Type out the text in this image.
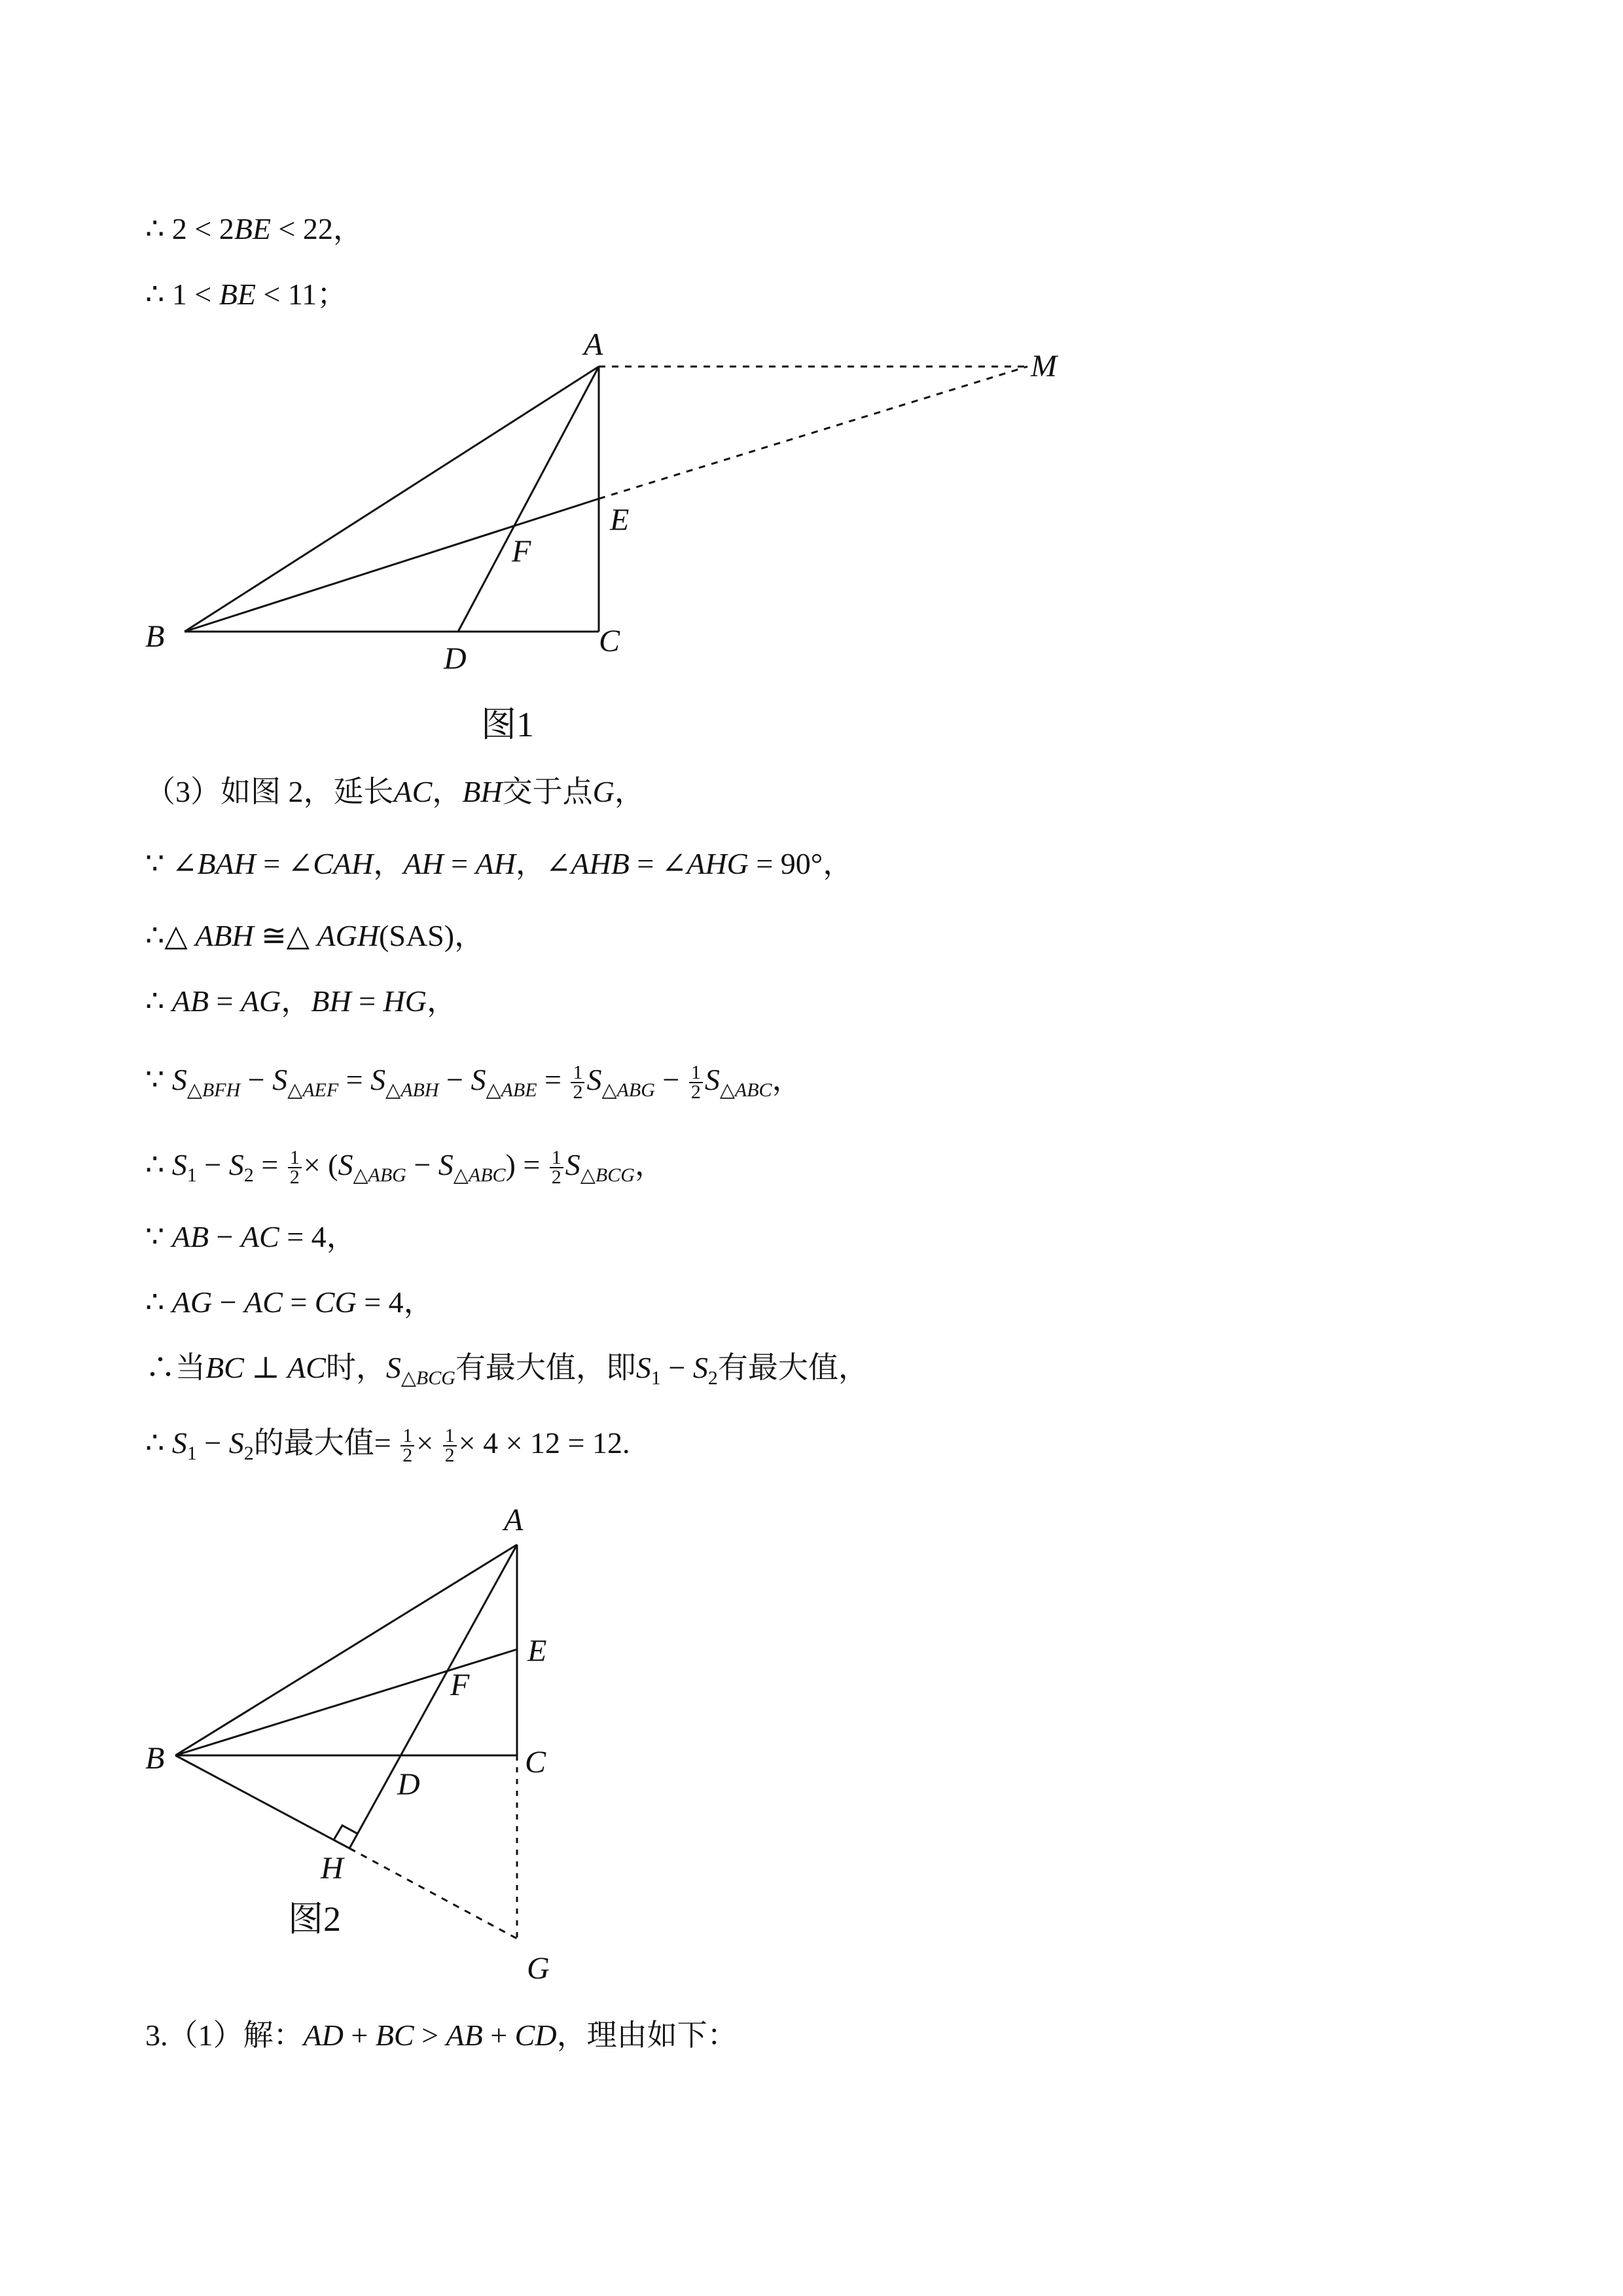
∴ 2 < 2BE < 22，
∴ 1 < BE < 11；
A
M
E
F
B
D
C
图1
（3）如图 2，延长AC，BH交于点G，
∵ ∠BAH = ∠CAH，AH = AH，∠AHB = ∠AHG = 90°，
∴△ ABH ≅△ AGH(SAS)，
∴ AB = AG，BH = HG，
∵ $S_{\triangle BFH} - S_{\triangle AEF} = S_{\triangle ABH} - S_{\triangle ABE} = \frac{1}{2} S_{\triangle ABG} - \frac{1}{2} S_{\triangle ABC}$，
∴ $S_1 - S_2 = \frac{1}{2} \times (S_{\triangle ABG} - S_{\triangle ABC}) = \frac{1}{2} S_{\triangle BCG}$，
∵ AB − AC = 4，
∴ AG − AC = CG = 4，
∴当BC ⊥ AC时，$S_{\triangle BCG}$有最大值，即$S_1 - S_2$有最大值，
∴ $S_1 - S_2$的最大值= $\frac{1}{2} \times \frac{1}{2} \times 4 \times 12 = 12$.
A
E
F
B
D
C
H
G
图2
3.（1）解：AD + BC > AB + CD，理由如下：
